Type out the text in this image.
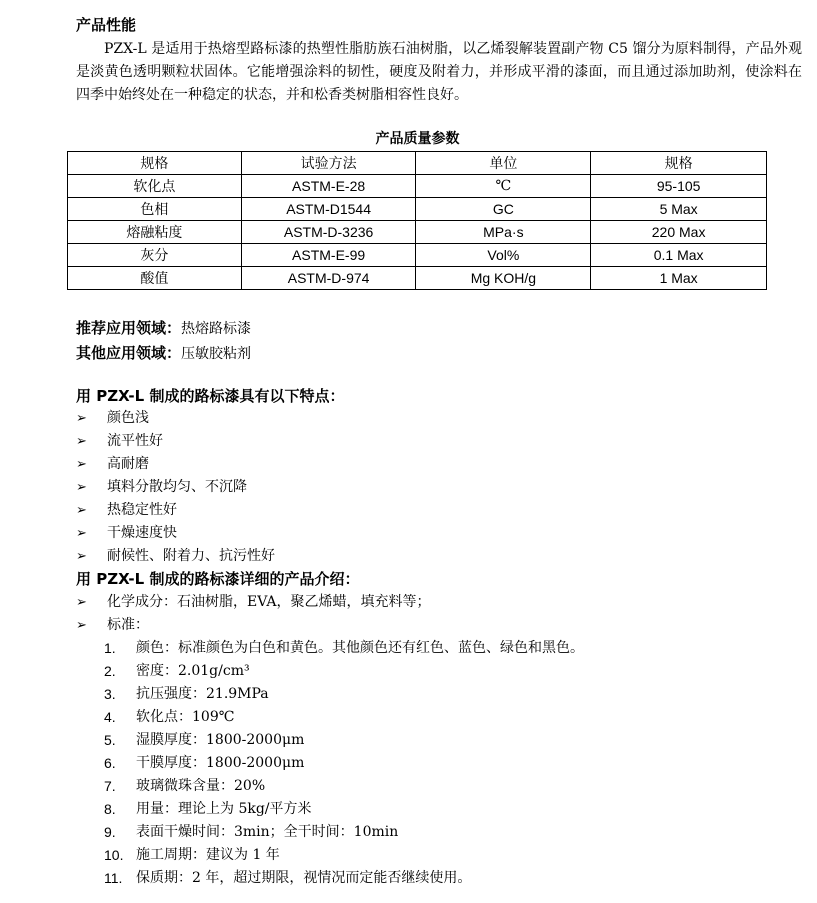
产品性能

PZX-L 是适用于热熔型路标漆的热塑性脂肪族石油树脂，以乙烯裂解装置副产物 C5 馏分为原料制得，产品外观是淡黄色透明颗粒状固体。它能增强涂料的韧性，硬度及附着力，并形成平滑的漆面，而且通过添加助剂，使涂料在四季中始终处在一种稳定的状态，并和松香类树脂相容性良好。

产品质量参数
规格	试验方法	单位	规格
软化点	ASTM-E-28	℃	95-105
色相	ASTM-D1544	GC	5 Max
熔融粘度	ASTM-D-3236	MPa·s	220 Max
灰分	ASTM-E-99	Vol%	0.1 Max
酸值	ASTM-D-974	Mg KOH/g	1 Max
推荐应用领域：热熔路标漆
其他应用领域：压敏胶粘剂
用 PZX-L 制成的路标漆具有以下特点：
➢ 颜色浅
➢ 流平性好
➢ 高耐磨
➢ 填料分散均匀、不沉降
➢ 热稳定性好
➢ 干燥速度快
➢ 耐候性、附着力、抗污性好
用 PZX-L 制成的路标漆详细的产品介绍：
➢ 化学成分：石油树脂，EVA，聚乙烯蜡，填充料等；
➢ 标准：
1. 颜色：标准颜色为白色和黄色。其他颜色还有红色、蓝色、绿色和黑色。
2. 密度：2.01g/cm³
3. 抗压强度：21.9MPa
4. 软化点：109℃
5. 湿膜厚度：1800-2000μm
6. 干膜厚度：1800-2000μm
7. 玻璃微珠含量：20%
8. 用量：理论上为 5kg/平方米
9. 表面干燥时间：3min；全干时间：10min
10. 施工周期：建议为 1 年
11. 保质期：2 年，超过期限，视情况而定能否继续使用。
